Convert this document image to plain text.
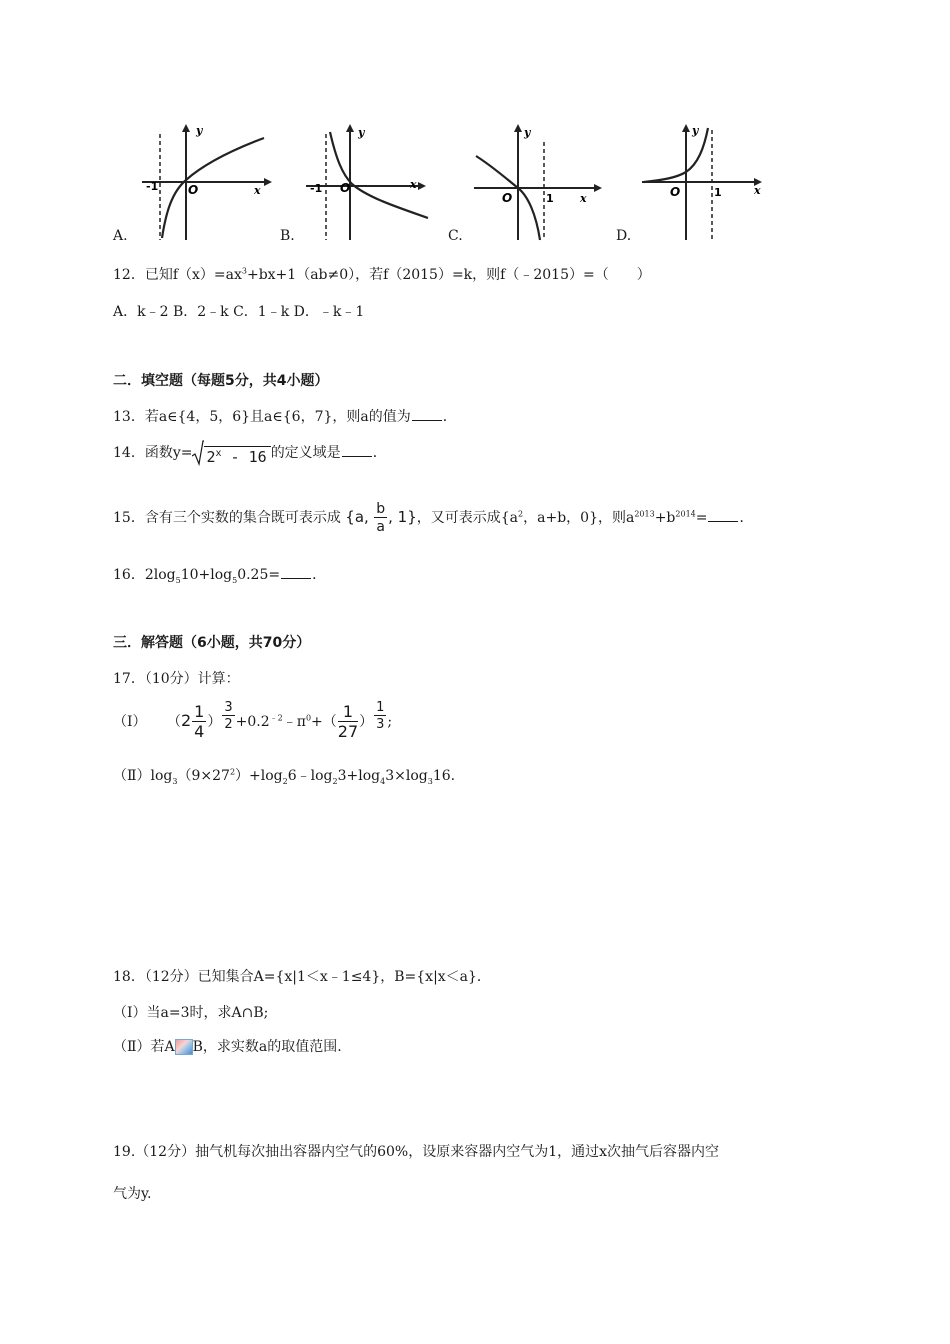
-1 O
y
x	-1 O
y
x
O	1
y
x	O	1
y
x
A.	B.	C.	D.
12．已知$f(x)=ax^3+bx+1(ab\ne 0)$，若f（2015）=k，则f（﹣2015）=（　　）
A．k﹣2 B．2﹣k C．1﹣k D．﹣k﹣1
二．填空题（每题5分，共4小题）
13．若a∈{4，5，6}且a∈{6，7}，则a的值为 ．
14．函数$y= 2^x - 16$ 的定义域是 ．
15．含有三个实数的集合既可表示成 {a, $\frac{b}{a}$ , 1}，又可表示成{$a^2$，a+b，0}，则$a^{2013}+b^{2014}=$ ．
16．$2\log_510+\log_50.25=$ ．
三．解答题（6小题，共70分）
17．（10分）计算：
（I） （$2 \frac{1}{4}$ ） $\frac{3}{2}$ $+0.2^{﹣2}﹣\pi^0+( \frac{1}{27}$ ） $\frac{1}{3}$ ;
$(Ⅱ)\log_3(9\times 27^2)+\log_26﹣\log_23+\log_43\times\log_316$.
18．（12分）已知集合A={x|1＜x﹣1≤4}，B={x|x＜a}．
（Ⅰ）当a=3时，求A∩B;
（Ⅱ）若A B，求实数a的取值范围.
19.（12分）抽气机每次抽出容器内空气的60%，设原来容器内空气为1，通过x次抽气后容器内空
气为y.
